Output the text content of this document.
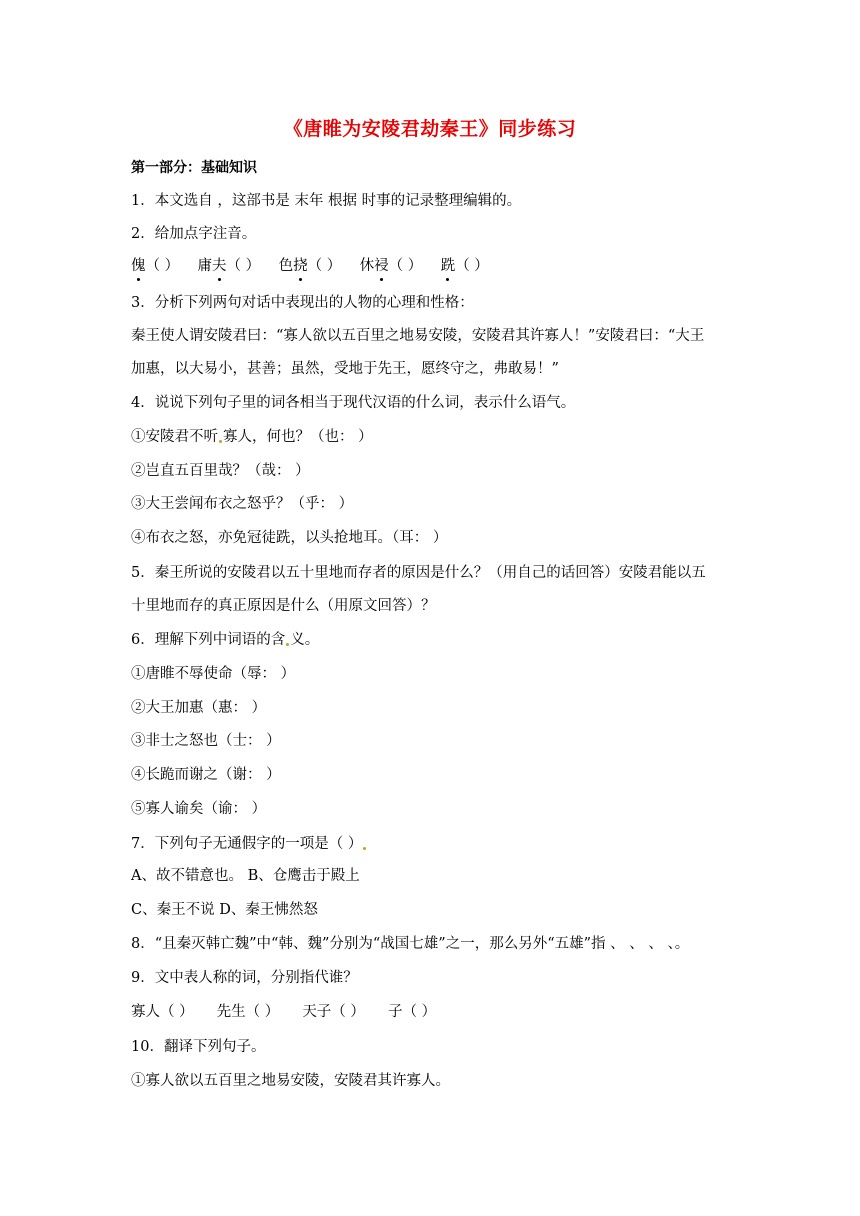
《唐睢为安陵君劫秦王》同步练习
第一部分：基础知识
1．本文选自 ，这部书是 末年 根据 时事的记录整理编辑的。
2．给加点字注音。
傀（ ） 庸夫（ ） 色挠（ ） 休祲（ ） 跣（ ）
3．分析下列两句对话中表现出的人物的心理和性格：
秦王使人谓安陵君曰：“寡人欲以五百里之地易安陵，安陵君其许寡人！”安陵君曰：“大王
加惠，以大易小，甚善；虽然，受地于先王，愿终守之，弗敢易！”
4．说说下列句子里的词各相当于现代汉语的什么词，表示什么语气。
①安陵君不听 寡人，何也？（也： ）
②岂直五百里哉？（哉： ）
③大王尝闻布衣之怒乎？（乎： ）
④布衣之怒，亦免冠徒跣，以头抢地耳。（耳： ）
5．秦王所说的安陵君以五十里地而存者的原因是什么？（用自己的话回答）安陵君能以五
十里地而存的真正原因是什么（用原文回答）？
6．理解下列中词语的含 义。
①唐睢不辱使命（辱： ）
②大王加惠（惠： ）
③非士之怒也（士： ）
④长跪而谢之（谢： ）
⑤寡人谕矣（谕： ）
7．下列句子无通假字的一项是（ ）
A、故不错意也。 B、仓鹰击于殿上
C、秦王不说 D、秦王怫然怒
8．“且秦灭韩亡魏”中“韩、魏”分别为“战国七雄”之一，那么另外“五雄”指 、 、 、 、。
9．文中表人称的词，分别指代谁？
寡人（ ） 先生（ ） 天子（ ） 子（ ）
10．翻译下列句子。
①寡人欲以五百里之地易安陵，安陵君其许寡人。
